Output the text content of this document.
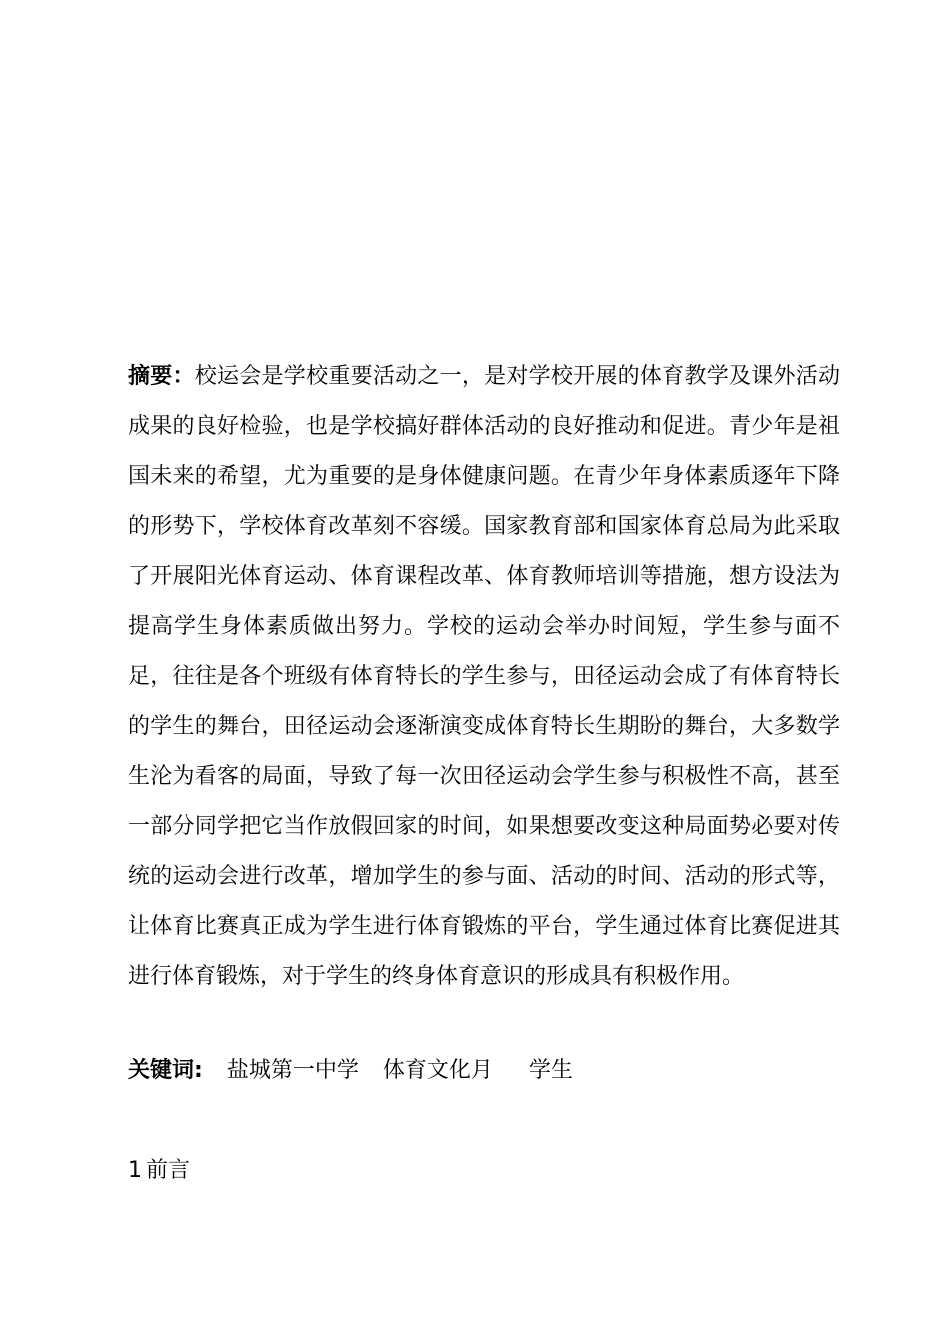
摘要：校运会是学校重要活动之一，是对学校开展的体育教学及课外活动成果的良好检验，也是学校搞好群体活动的良好推动和促进。青少年是祖国未来的希望，尤为重要的是身体健康问题。在青少年身体素质逐年下降的形势下，学校体育改革刻不容缓。国家教育部和国家体育总局为此采取了开展阳光体育运动、体育课程改革、体育教师培训等措施，想方设法为提高学生身体素质做出努力。学校的运动会举办时间短，学生参与面不足，往往是各个班级有体育特长的学生参与，田径运动会成了有体育特长的学生的舞台，田径运动会逐渐演变成体育特长生期盼的舞台，大多数学生沦为看客的局面，导致了每一次田径运动会学生参与积极性不高，甚至一部分同学把它当作放假回家的时间，如果想要改变这种局面势必要对传统的运动会进行改革，增加学生的参与面、活动的时间、活动的形式等，让体育比赛真正成为学生进行体育锻炼的平台，学生通过体育比赛促进其进行体育锻炼，对于学生的终身体育意识的形成具有积极作用。

关键词: 盐城第一中学 体育文化月 学生

1 前言
